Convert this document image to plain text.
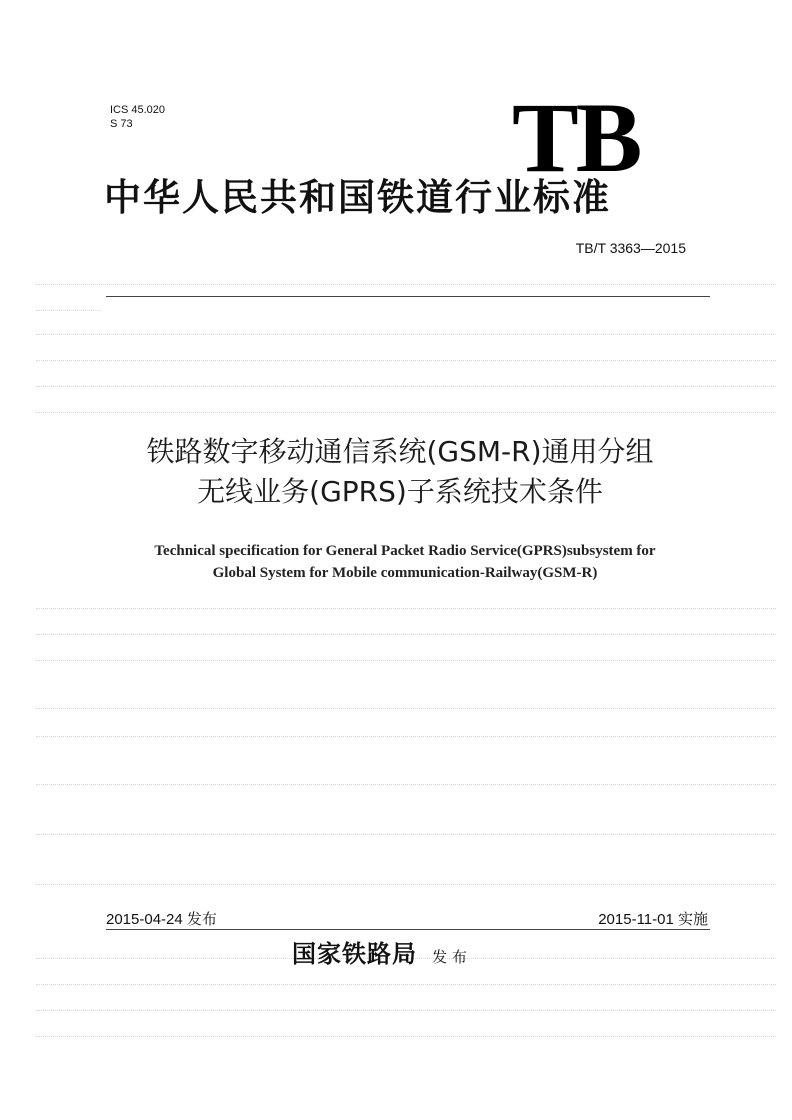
ICS 45.020
S 73	TB
中华人民共和国铁道行业标准
TB/T 3363—2015
铁路数字移动通信系统(GSM-R)通用分组
无线业务(GPRS)子系统技术条件
Technical specification for General Packet Radio Service(GPRS)subsystem for
Global System for Mobile communication-Railway(GSM-R)
2015-04-24 发布	2015-11-01 实施
国家铁路局 发 布
